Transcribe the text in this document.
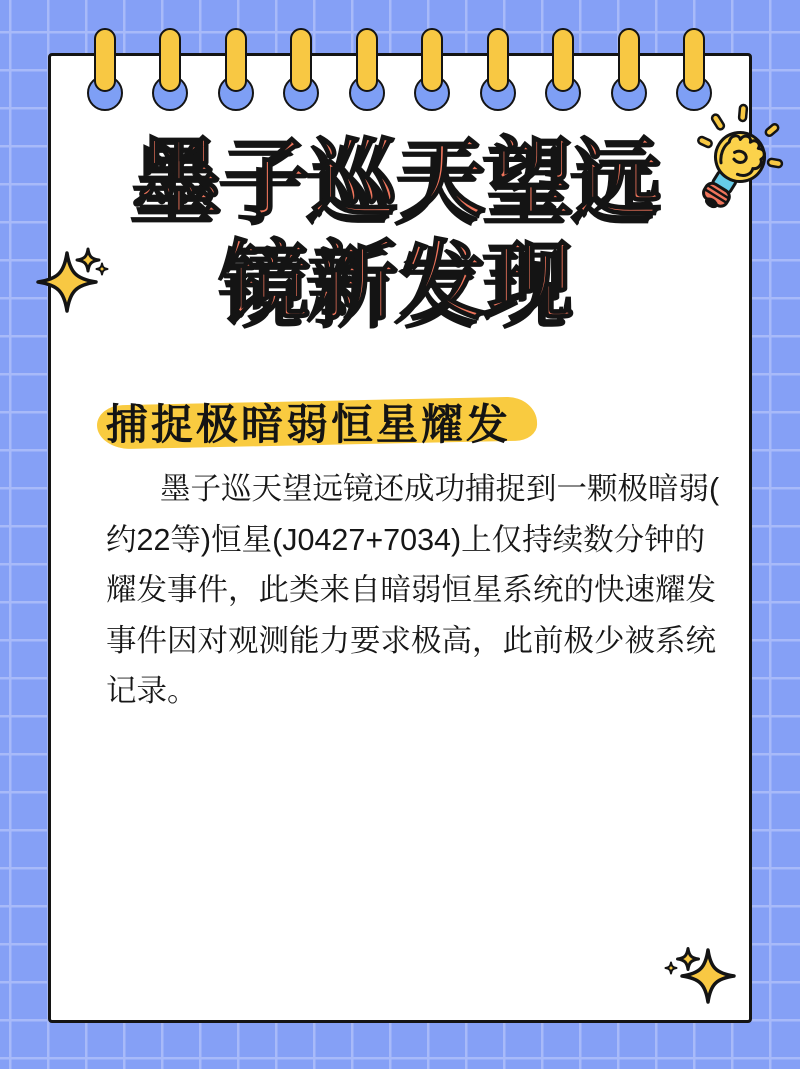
墨子巡天望远
镜新发现
捕捉极暗弱恒星耀发
墨子巡天望远镜还成功捕捉到一颗极暗弱(
约22等)恒星(J0427+7034)上仅持续数分钟的
耀发事件，此类来自暗弱恒星系统的快速耀发
事件因对观测能力要求极高，此前极少被系统
记录。
